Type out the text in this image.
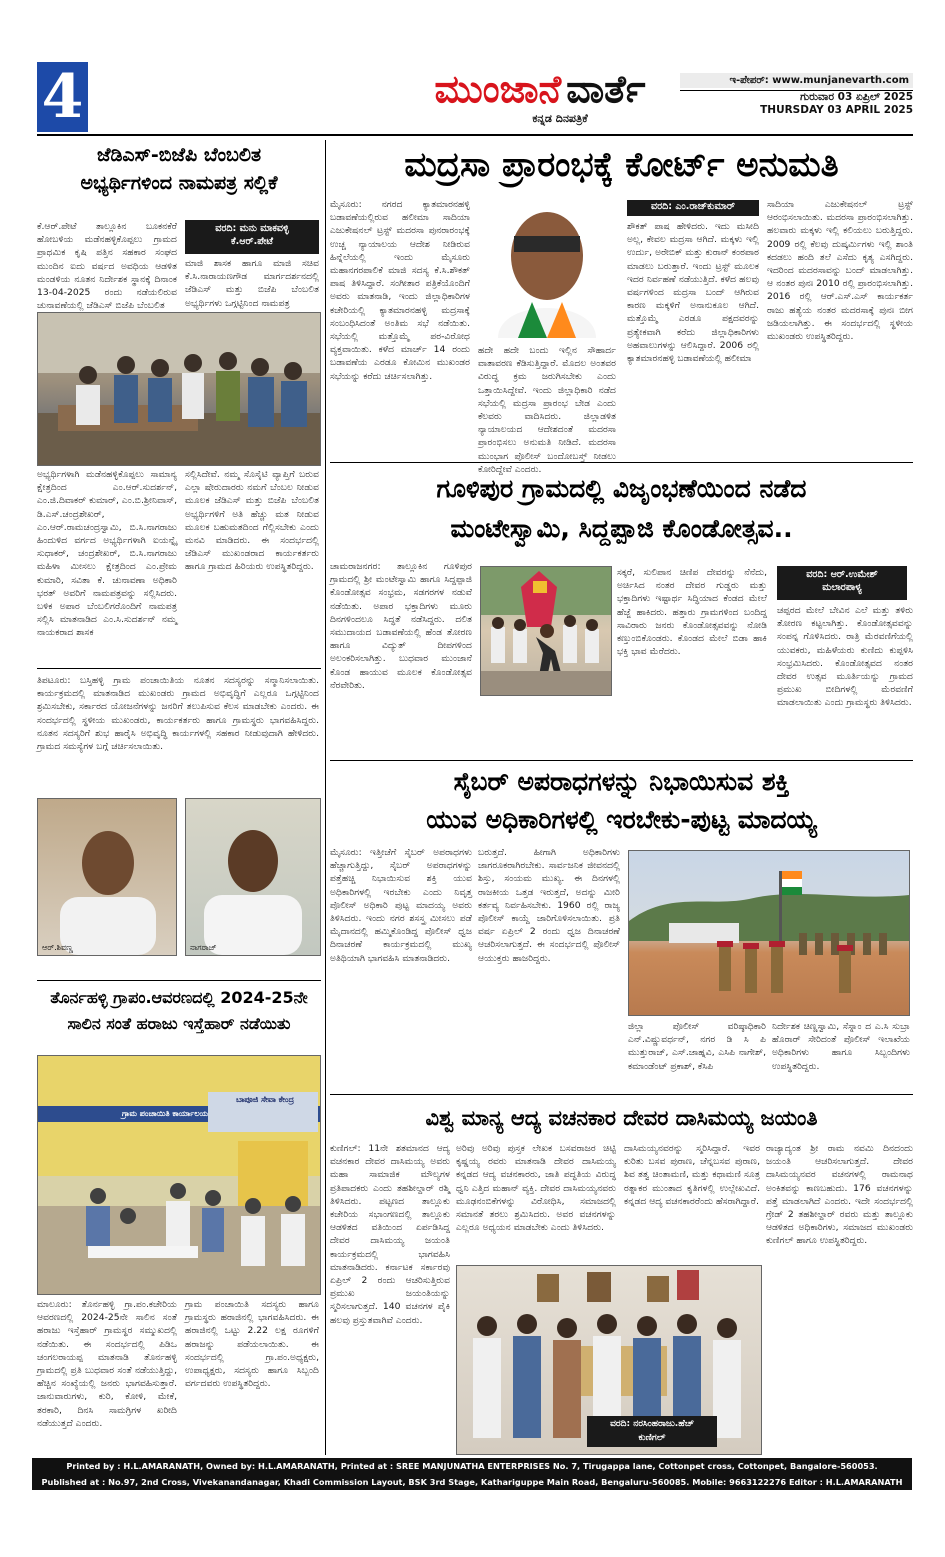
4	ಮುಂಜಾನೆ ವಾರ್ತೆ
ಕನ್ನಡ ದಿನಪತ್ರಿಕೆ
ಇ-ಪೇಪರ್: www.munjanevarth.com
ಗುರುವಾರ 03 ಏಪ್ರಿಲ್ 2025
THURSDAY 03 APRIL 2025
ಜೆಡಿಎಸ್-ಬಿಜೆಪಿ ಬೆಂಬಲಿತ
ಅಭ್ಯರ್ಥಿಗಳಿಂದ ನಾಮಪತ್ರ ಸಲ್ಲಿಕೆ
ಕೆ.ಆರ್.ಪೇಟೆ ತಾಲ್ಲೂಕಿನ ಬೂಕನಕೆರೆ ಹೋಬಳಿಯ ಮಡೆನಹಳ್ಳಿಕೊಪ್ಪಲು ಗ್ರಾಮದ ಪ್ರಾಥಮಿಕ ಕೃಷಿ ಪತ್ತಿನ ಸಹಕಾರ ಸಂಘದ ಮುಂದಿನ ಐದು ವರ್ಷದ ಅವಧಿಯ ಆಡಳಿತ ಮಂಡಳಿಯ ನೂತನ ನಿರ್ದೇಶಕ ಸ್ಥಾನಕ್ಕೆ ದಿನಾಂಕ 13-04-2025 ರಂದು ನಡೆಯಲಿರುವ ಚುನಾವಣೆಯಲ್ಲಿ ಜೆಡಿಎಸ್ ಬಿಜೆಪಿ ಬೆಂಬಲಿತ
ವರದಿ: ಮನು ಮಾಕವಳ್ಳಿ
ಕೆ.ಆರ್.ಪೇಟೆ
ಮಾಜಿ ಶಾಸಕ ಹಾಗೂ ಮಾಜಿ ಸಚಿವ ಕೆ.ಸಿ.ನಾರಾಯಣಗೌಡ ಮಾರ್ಗದರ್ಶನದಲ್ಲಿ ಜೆಡಿಎಸ್ ಮತ್ತು ಬಿಜೆಪಿ ಬೆಂಬಲಿತ ಅಭ್ಯರ್ಥಿಗಳು ಒಗ್ಗಟ್ಟಿನಿಂದ ನಾಮಪತ್ರ
ಅಭ್ಯರ್ಥಿಗಳಾಗಿ ಮಡೆನಹಳ್ಳಿಕೊಪ್ಪಲು ಸಾಮಾನ್ಯ ಕ್ಷೇತ್ರದಿಂದ ಎಂ.ಆರ್.ಸುದರ್ಶನ್, ಎಂ.ಜಿ.ದಿವಾಕರ್ ಕುಮಾರ್, ಎಂ.ಬಿ.ಶ್ರೀನಿವಾಸ್, ಡಿ.ಎಸ್.ಚಂದ್ರಶೇಖರ್, ಎಂ.ಆರ್.ರಾಮಚಂದ್ರಸ್ವಾಮಿ, ಬಿ.ಸಿ.ನಾಗರಾಜು ಹಿಂದುಳಿದ ವರ್ಗದ ಅಭ್ಯರ್ಥಿಗಳಾಗಿ ಐಯನ್ನೈ ಸುಧಾಕರ್, ಚಂದ್ರಶೇಖರ್, ಬಿ.ಸಿ.ನಾಗರಾಜು ಮಹಿಳಾ ಮೀಸಲು ಕ್ಷೇತ್ರದಿಂದ ಎಂ.ಪ್ರೇಮ ಕುಮಾರಿ, ಸವಿತಾ ಕೆ. ಚುನಾವಣಾ ಅಧಿಕಾರಿ ಭರತ್ ಅವರಿಗೆ ನಾಮಪತ್ರವನ್ನು ಸಲ್ಲಿಸಿದರು. ಬಳಿಕ ಅಪಾರ ಬೆಂಬಲಿಗರೊಂದಿಗೆ ನಾಮಪತ್ರ ಸಲ್ಲಿಸಿ ಮಾತನಾಡಿದ ಎಂ.ಸಿ.ಸುದರ್ಶನ್ ನಮ್ಮ ನಾಯಕರಾದ ಶಾಸಕ
ಸಲ್ಲಿಸಿದೇವೆ. ನಮ್ಮ ಸೊಸೈಟಿ ವ್ಯಾಪ್ತಿಗೆ ಬರುವ ಎಲ್ಲಾ ಷೇರುದಾರರು ನಮಗೆ ಬೆಂಬಲ ನೀಡುವ ಮೂಲಕ ಜೆಡಿಎಸ್ ಮತ್ತು ಬಿಜೆಪಿ ಬೆಂಬಲಿತ ಅಭ್ಯರ್ಥಿಗಳಿಗೆ ಅತಿ ಹೆಚ್ಚು ಮತ ನೀಡುವ ಮೂಲಕ ಬಹುಮತದಿಂದ ಗೆಲ್ಲಿಸಬೇಕು ಎಂದು ಮನವಿ ಮಾಡಿದರು. ಈ ಸಂದರ್ಭದಲ್ಲಿ ಜೆಡಿಎಸ್ ಮುಖಂಡರಾದ ಕಾರ್ಯಕರ್ತರು ಹಾಗೂ ಗ್ರಾಮದ ಹಿರಿಯರು ಉಪಸ್ಥಿತರಿದ್ದರು.
ತಿಪಟೂರು: ಬಸ್ತಿಹಳ್ಳಿ ಗ್ರಾಮ ಪಂಚಾಯಿತಿಯ ನೂತನ ಸದಸ್ಯರನ್ನು ಸನ್ಮಾನಿಸಲಾಯಿತು. ಕಾರ್ಯಕ್ರಮದಲ್ಲಿ ಮಾತನಾಡಿದ ಮುಖಂಡರು ಗ್ರಾಮದ ಅಭಿವೃದ್ಧಿಗೆ ಎಲ್ಲರೂ ಒಗ್ಗಟ್ಟಿನಿಂದ ಶ್ರಮಿಸಬೇಕು, ಸರ್ಕಾರದ ಯೋಜನೆಗಳನ್ನು ಜನರಿಗೆ ತಲುಪಿಸುವ ಕೆಲಸ ಮಾಡಬೇಕು ಎಂದರು. ಈ ಸಂದರ್ಭದಲ್ಲಿ ಸ್ಥಳೀಯ ಮುಖಂಡರು, ಕಾರ್ಯಕರ್ತರು ಹಾಗೂ ಗ್ರಾಮಸ್ಥರು ಭಾಗವಹಿಸಿದ್ದರು. ನೂತನ ಸದಸ್ಯರಿಗೆ ಶುಭ ಹಾರೈಸಿ ಅಭಿವೃದ್ಧಿ ಕಾರ್ಯಗಳಲ್ಲಿ ಸಹಕಾರ ನೀಡುವುದಾಗಿ ಹೇಳಿದರು. ಗ್ರಾಮದ ಸಮಸ್ಯೆಗಳ ಬಗ್ಗೆ ಚರ್ಚಿಸಲಾಯಿತು.
ಆರ್.ಶಿವಣ್ಣ	ನಾಗರಾಜ್
ತೊರ್ನಹಳ್ಳಿ ಗ್ರಾಪಂ.ಆವರಣದಲ್ಲಿ 2024-25ನೇ
ಸಾಲಿನ ಸಂತೆ ಹರಾಜು ಇಸ್ತೆಹಾರ್ ನಡೆಯಿತು
ಗ್ರಾಮ ಪಂಚಾಯಿತಿ ಕಾರ್ಯಾಲಯ
ಬಾಪೂಜಿ ಸೇವಾ ಕೇಂದ್ರ
ಮಾಲೂರು: ತೊರ್ನಹಳ್ಳಿ ಗ್ರಾ.ಪಂ.ಕಚೇರಿಯ ಆವರಣದಲ್ಲಿ 2024-25ನೇ ಸಾಲಿನ ಸಂತೆ ಹರಾಜು ಇಸ್ತೆಹಾರ್ ಗ್ರಾಮಸ್ಥರ ಸಮ್ಮುಖದಲ್ಲಿ ನಡೆಯಿತು. ಈ ಸಂದರ್ಭದಲ್ಲಿ ಪಿಡಿಒ ಚಂಗಲರಾಯಪ್ಪ ಮಾತನಾಡಿ ತೊರ್ನಹಳ್ಳಿ ಗ್ರಾಮದಲ್ಲಿ ಪ್ರತಿ ಬುಧವಾರ ಸಂತೆ ನಡೆಯುತ್ತಿದ್ದು, ಹೆಚ್ಚಿನ ಸಂಖ್ಯೆಯಲ್ಲಿ ಜನರು ಭಾಗವಹಿಸುತ್ತಾರೆ. ಜಾನುವಾರುಗಳು, ಕುರಿ, ಕೋಳಿ, ಮೇಕೆ, ತರಕಾರಿ, ದಿನಸಿ ಸಾಮಗ್ರಿಗಳ ಖರೀದಿ ನಡೆಯುತ್ತದೆ ಎಂದರು.
ಗ್ರಾಮ ಪಂಚಾಯಿತಿ ಸದಸ್ಯರು ಹಾಗೂ ಗ್ರಾಮಸ್ಥರು ಹರಾಜಿನಲ್ಲಿ ಭಾಗವಹಿಸಿದರು. ಈ ಹರಾಜಿನಲ್ಲಿ ಒಟ್ಟು 2.22 ಲಕ್ಷ ರೂಗಳಿಗೆ ಹರಾಜನ್ನು ಪಡೆಯಲಾಯಿತು. ಈ ಸಂದರ್ಭದಲ್ಲಿ ಗ್ರಾ.ಪಂ.ಅಧ್ಯಕ್ಷರು, ಉಪಾಧ್ಯಕ್ಷರು, ಸದಸ್ಯರು ಹಾಗೂ ಸಿಬ್ಬಂದಿ ವರ್ಗದವರು ಉಪಸ್ಥಿತರಿದ್ದರು.
ಮದ್ರಸಾ ಪ್ರಾರಂಭಕ್ಕೆ ಕೋರ್ಟ್ ಅನುಮತಿ
ಮೈಸೂರು: ನಗರದ ಕ್ಯಾತಮಾರನಹಳ್ಳಿ ಬಡಾವಣೆಯಲ್ಲಿರುವ ಹಲೀಮಾ ಸಾದಿಯಾ ಎಜುಕೇಷನಲ್ ಟ್ರಸ್ಟ್ ಮದರಸಾ ಪುನರಾರಂಭಕ್ಕೆ ಉಚ್ಚ ನ್ಯಾಯಾಲಯ ಆದೇಶ ನೀಡಿರುವ ಹಿನ್ನೆಲೆಯಲ್ಲಿ ಇಂದು ಮೈಸೂರು ಮಹಾನಗರಪಾಲಿಕೆ ಮಾಜಿ ಸದಸ್ಯ ಕೆ.ಸಿ.ಶೌಕತ್ ಪಾಷ ತಿಳಿಸಿದ್ದಾರೆ. ಸಂಗೀತಾರ ಪತ್ರಿಕೆಯೊಂದಿಗೆ ಅವರು ಮಾತನಾಡಿ, ಇಂದು ಜಿಲ್ಲಾಧಿಕಾರಿಗಳ ಕಚೇರಿಯಲ್ಲಿ ಕ್ಯಾತಮಾರನಹಳ್ಳಿ ಮದ್ರಸಾಕ್ಕೆ ಸಂಬಂಧಿಸಿದಂತೆ ಅಂತಿಮ ಸಭೆ ನಡೆಯಿತು. ಸಭೆಯಲ್ಲಿ ಮತ್ತೊಮ್ಮೆ ಪರ-ವಿರೋಧ ವ್ಯಕ್ತವಾಯಿತು. ಕಳೆದ ಮಾರ್ಚ್ 14 ರಂದು ಬಡಾವಣೆಯ ಎರಡೂ ಕೋಮಿನ ಮುಖಂಡರ ಸಭೆಯನ್ನು ಕರೆದು ಚರ್ಚಿಸಲಾಗಿತ್ತು.
ಹದೇ ಹದೇ ಬಂದು ಇಲ್ಲಿನ ಸೌಹಾರ್ದ ವಾತಾವರಣ ಕೆಡಿಸುತ್ತಿದ್ದಾರೆ. ಮೊದಲ ಅಂತವರ ವಿರುದ್ಧ ಕ್ರಮ ಜರುಗಿಸಬೇಕು ಎಂದು ಒತ್ತಾಯಿಸಿದ್ದೇವೆ. ಇಂದು ಜಿಲ್ಲಾಧಿಕಾರಿ ನಡೆದ ಸಭೆಯಲ್ಲಿ ಮದ್ರಸಾ ಪ್ರಾರಂಭ ಬೇಡ ಎಂದು ಕೆಲವರು ವಾದಿಸಿದರು. ಜಿಲ್ಲಾಡಳಿತ ನ್ಯಾಯಾಲಯದ ಆದೇಶದಂತೆ ಮದರಸಾ ಪ್ರಾರಂಭಿಸಲು ಅನುಮತಿ ನೀಡಿದೆ. ಮದರಸಾ ಮುಂಭಾಗ ಪೊಲೀಸ್ ಬಂದೋಬಸ್ತ್ ನೀಡಲು ಕೋರಿದ್ದೇವೆ ಎಂದರು.
ವರದಿ: ಎಂ.ರಾಜ್‌ಕುಮಾರ್
ಶೌಕತ್ ಪಾಷ ಹೇಳಿದರು. ಇದು ಮಸೀದಿ ಅಲ್ಲ, ಕೇವಲ ಮದ್ರಸಾ ಆಗಿದೆ. ಮಕ್ಕಳು ಇಲ್ಲಿ ಉರ್ದು, ಅರೇಬಿಕ್ ಮತ್ತು ಕುರಾನ್ ಕಂಠಪಾಠ ಮಾಡಲು ಬರುತ್ತಾರೆ. ಇಂದು ಟ್ರಸ್ಟ್ ಮೂಲಕ ಇದರ ನಿರ್ವಹಣೆ ನಡೆಯುತ್ತಿದೆ. ಕಳೆದ ಹಲವು ವರ್ಷಗಳಿಂದ ಮದ್ರಸಾ ಬಂದ್ ಆಗಿರುವ ಕಾರಣ ಮಕ್ಕಳಿಗೆ ಅನಾನುಕೂಲ ಆಗಿದೆ. ಮತ್ತೊಮ್ಮೆ ಎರಡೂ ಪಕ್ಷದವರನ್ನು ಪ್ರತ್ಯೇಕವಾಗಿ ಕರೆದು ಜಿಲ್ಲಾಧಿಕಾರಿಗಳು ಅಹವಾಲುಗಳನ್ನು ಆಲಿಸಿದ್ದಾರೆ. 2006 ರಲ್ಲಿ ಕ್ಯಾತಮಾರನಹಳ್ಳಿ ಬಡಾವಣೆಯಲ್ಲಿ ಹಲೀಮಾ
ಸಾದಿಯಾ ಎಜುಕೇಷನಲ್ ಟ್ರಸ್ಟ್ ಆರಂಭಿಸಲಾಯಿತು. ಮದರಸಾ ಪ್ರಾರಂಭಿಸಲಾಗಿತ್ತು. ಹಲವಾರು ಮಕ್ಕಳು ಇಲ್ಲಿ ಕಲಿಯಲು ಬರುತ್ತಿದ್ದರು. 2009 ರಲ್ಲಿ ಕೆಲವು ದುಷ್ಕರ್ಮಿಗಳು ಇಲ್ಲಿ ಶಾಂತಿ ಕದಡಲು ಹಂದಿ ತಲೆ ಎಸೆದು ಕೃತ್ಯ ಎಸಗಿದ್ದರು. ಇದರಿಂದ ಮದರಸಾವನ್ನು ಬಂದ್ ಮಾಡಲಾಗಿತ್ತು. ಆ ನಂತರ ಪುನಃ 2010 ರಲ್ಲಿ ಪ್ರಾರಂಭಿಸಲಾಗಿತ್ತು. 2016 ರಲ್ಲಿ ಆರ್.ಎಸ್.ಎಸ್ ಕಾರ್ಯಕರ್ತ ರಾಜು ಹತ್ಯೆಯ ನಂತರ ಮದರಸಾಕ್ಕೆ ಪುನಃ ಬೀಗ ಜಡಿಯಲಾಗಿತ್ತು. ಈ ಸಂದರ್ಭದಲ್ಲಿ ಸ್ಥಳೀಯ ಮುಖಂಡರು ಉಪಸ್ಥಿತರಿದ್ದರು.
ಗೂಳಿಪುರ ಗ್ರಾಮದಲ್ಲಿ ವಿಜೃಂಭಣೆಯಿಂದ ನಡೆದ
ಮಂಟೇಸ್ವಾಮಿ, ಸಿದ್ದಪ್ಪಾಜಿ ಕೊಂಡೋತ್ಸವ..
ಚಾಮರಾಜನಗರ: ತಾಲ್ಲೂಕಿನ ಗೂಳಿಪುರ ಗ್ರಾಮದಲ್ಲಿ ಶ್ರೀ ಮಂಟೇಸ್ವಾಮಿ ಹಾಗೂ ಸಿದ್ದಪ್ಪಾಜಿ ಕೊಂಡೋತ್ಸವ ಸಂಭ್ರಮ, ಸಡಗರಗಳ ನಡುವೆ ನಡೆಯಿತು. ಅಪಾರ ಭಕ್ತಾದಿಗಳು ಮೂರು ದಿನಗಳಿಂದಲೂ ಸಿದ್ಧತೆ ನಡೆಸಿದ್ದರು. ದಲಿತ ಸಮುದಾಯದ ಬಡಾವಣೆಯಲ್ಲಿ ಹೆಂಡ ತೋರಣ ಹಾಗೂ ವಿದ್ಯುತ್ ದೀಪಗಳಿಂದ ಅಲಂಕರಿಸಲಾಗಿತ್ತು. ಬುಧವಾರ ಮುಂಜಾನೆ ಕೊಂಡ ಹಾಯುವ ಮೂಲಕ ಕೊಂಡೋತ್ಸವ ನೆರವೇರಿತು.
ಸಕ್ಕರೆ, ಸುಲಿಪಾನ ಚಿಣಿಪ ದೇವರನ್ನು ನೆನೆದು, ಅರ್ಚಿಸಿದ ನಂತರ ದೇವರ ಗುಡ್ಡರು ಮತ್ತು ಭಕ್ತಾದಿಗಳು ಇಷ್ಟಾರ್ಥ ಸಿದ್ಧಿಯಾದ ಕೆಂಡದ ಮೇಲೆ ಹೆಜ್ಜೆ ಹಾಕಿದರು. ಹತ್ತಾರು ಗ್ರಾಮಗಳಿಂದ ಬಂದಿದ್ದ ಸಾವಿರಾರು ಜನರು ಕೊಂಡೋತ್ಸವವನ್ನು ನೋಡಿ ಕಣ್ತುಂಬಿಕೊಂಡರು. ಕೊಂಡದ ಮೇಲೆ ಬಿಡಾ ಹಾಕಿ ಭಕ್ತಿ ಭಾವ ಮೆರೆದರು.
ವರದಿ: ಆರ್.ಉಮೇಶ್
ಮಲಾರಪಾಳ್ಯ
ಚಪ್ಪರದ ಮೇಲೆ ಬೇವಿನ ಎಲೆ ಮತ್ತು ತಳಿರು ತೋರಣ ಕಟ್ಟಲಾಗಿತ್ತು. ಕೊಂಡೋತ್ಸವವನ್ನು ಸಂಪನ್ನ ಗೊಳಿಸಿದರು. ರಾತ್ರಿ ಮೆರವಣಿಗೆಯಲ್ಲಿ ಯುವಕರು, ಮಹಿಳೆಯರು ಕುಣಿದು ಕುಪ್ಪಳಿಸಿ ಸಂಭ್ರಮಿಸಿದರು. ಕೊಂಡೋತ್ಸವದ ನಂತರ ದೇವರ ಉತ್ಸವ ಮೂರ್ತಿಯನ್ನು ಗ್ರಾಮದ ಪ್ರಮುಖ ಬೀದಿಗಳಲ್ಲಿ ಮೆರವಣಿಗೆ ಮಾಡಲಾಯಿತು ಎಂದು ಗ್ರಾಮಸ್ಥರು ತಿಳಿಸಿದರು.
ಸೈಬರ್ ಅಪರಾಧಗಳನ್ನು ನಿಭಾಯಿಸುವ ಶಕ್ತಿ
ಯುವ ಅಧಿಕಾರಿಗಳಲ್ಲಿ ಇರಬೇಕು-ಪುಟ್ಟ ಮಾದಯ್ಯ
ಮೈಸೂರು: ಇತ್ತೀಚೆಗೆ ಸೈಬರ್ ಅಪರಾಧಗಳು ಹೆಚ್ಚಾಗುತ್ತಿದ್ದು, ಸೈಬರ್ ಅಪರಾಧಗಳನ್ನು ಪತ್ತೆಹಚ್ಚಿ ನಿಭಾಯಿಸುವ ಶಕ್ತಿ ಯುವ ಅಧಿಕಾರಿಗಳಲ್ಲಿ ಇರಬೇಕು ಎಂದು ನಿವೃತ್ತ ಪೊಲೀಸ್ ಅಧಿಕಾರಿ ಪುಟ್ಟ ಮಾದಯ್ಯ ಅವರು ತಿಳಿಸಿದರು. ಇಂದು ನಗರ ಶಸಸ್ತ್ರ ಮೀಸಲು ಪಡೆ ಮೈದಾನದಲ್ಲಿ ಹಮ್ಮಿಕೊಂಡಿದ್ದ ಪೊಲೀಸ್ ಧ್ವಜ ದಿನಾಚರಣೆ ಕಾರ್ಯಕ್ರಮದಲ್ಲಿ ಮುಖ್ಯ ಅತಿಥಿಯಾಗಿ ಭಾಗವಹಿಸಿ ಮಾತನಾಡಿದರು.
ಬರುತ್ತದೆ. ಹೀಗಾಗಿ ಅಧಿಕಾರಿಗಳು ಜಾಗರೂಕರಾಗಿರಬೇಕು. ಸಾರ್ವಜನಿಕ ಜೀವನದಲ್ಲಿ ಶಿಸ್ತು, ಸಂಯಮ ಮುಖ್ಯ. ಈ ದಿನಗಳಲ್ಲಿ ರಾಜಕೀಯ ಒತ್ತಡ ಇರುತ್ತದೆ, ಅದನ್ನು ಮೀರಿ ಕರ್ತವ್ಯ ನಿರ್ವಹಿಸಬೇಕು. 1960 ರಲ್ಲಿ ರಾಜ್ಯ ಪೊಲೀಸ್ ಕಾಯ್ದೆ ಜಾರಿಗೊಳಿಸಲಾಯಿತು. ಪ್ರತಿ ವರ್ಷ ಏಪ್ರಿಲ್ 2 ರಂದು ಧ್ವಜ ದಿನಾಚರಣೆ ಆಚರಿಸಲಾಗುತ್ತದೆ. ಈ ಸಂದರ್ಭದಲ್ಲಿ ಪೊಲೀಸ್ ಆಯುಕ್ತರು ಹಾಜರಿದ್ದರು.
ಜಿಲ್ಲಾ ಪೊಲೀಸ್ ವರಿಷ್ಠಾಧಿಕಾರಿ ಎನ್.ವಿಷ್ಣುವರ್ಧನ್, ನಗರ ಡಿ ಸಿ ಪಿ ಮುತ್ತುರಾಜ್, ಎಸ್.ಜಾಹ್ನವಿ, ಎಸಿಪಿ ನಾಗೇಶ್, ಕಮಾಂಡೆಂಟ್ ಪ್ರಕಾಶ್, ಕೆಸಿಪಿ
ನಿರ್ದೇಶಕ ಚಿಣ್ಣಸ್ವಾಮಿ, ಸೆಸ್ನಾಂ ದ ಎ.ಸಿ ಸುಬ್ರಾ ಹೊರಾರ್ ಸೇರಿದಂತೆ ಪೊಲೀಸ್ ಇಲಾಖೆಯ ಅಧಿಕಾರಿಗಳು ಹಾಗೂ ಸಿಬ್ಬಂದಿಗಳು ಉಪಸ್ಥಿತರಿದ್ದರು.
ವಿಶ್ವ ಮಾನ್ಯ ಆದ್ಯ ವಚನಕಾರ ದೇವರ ದಾಸಿಮಯ್ಯ ಜಯಂತಿ
ಕುಣಿಗಲ್: 11ನೇ ಶತಮಾನದ ಆದ್ಯ ವಚನಕಾರ ದೇವರ ದಾಸಿಮಯ್ಯ ಅವರು ಮಹಾ ಸಾಮಾಜಿಕ ಮೌಲ್ಯಗಳ ಪ್ರತಿಪಾದಕರು ಎಂದು ತಹಶೀಲ್ದಾರ್ ರಶ್ಮಿ ತಿಳಿಸಿದರು. ಪಟ್ಟಣದ ತಾಲ್ಲೂಕು ಕಚೇರಿಯ ಸಭಾಂಗಣದಲ್ಲಿ ತಾಲ್ಲೂಕು ಆಡಳಿತದ ವತಿಯಿಂದ ಏರ್ಪಡಿಸಿದ್ದ ದೇವರ ದಾಸಿಮಯ್ಯ ಜಯಂತಿ ಕಾರ್ಯಕ್ರಮದಲ್ಲಿ ಭಾಗವಹಿಸಿ ಮಾತನಾಡಿದರು. ಕರ್ನಾಟಕ ಸರ್ಕಾರವು ಏಪ್ರಿಲ್ 2 ರಂದು ಆಚರಿಸುತ್ತಿರುವ ಪ್ರಮುಖ ಜಯಂತಿಯನ್ನು ಸ್ಮರಿಸಲಾಗುತ್ತದೆ. 140 ವಚನಗಳ ಪೈಕಿ ಹಲವು ಪ್ರಸ್ತುತವಾಗಿವೆ ಎಂದರು.
ಅರಿವು ಅರಿವು ಪುಸ್ತಕ ಲೇಖಕ ಬಸವರಾಜರ ಚಿಟ್ಟಿ ಕೃಷ್ಣಯ್ಯ ರವರು ಮಾತನಾಡಿ ದೇವರ ದಾಸಿಮಯ್ಯ ಕನ್ನಡದ ಆದ್ಯ ವಚನಕಾರರು, ಜಾತಿ ಪದ್ಧತಿಯ ವಿರುದ್ಧ ಧ್ವನಿ ಎತ್ತಿದ ಮಹಾನ್ ವ್ಯಕ್ತಿ. ದೇವರ ದಾಸಿಮಯ್ಯನವರು ಮೂಢನಂಬಿಕೆಗಳನ್ನು ವಿರೋಧಿಸಿ, ಸಮಾಜದಲ್ಲಿ ಸಮಾನತೆ ತರಲು ಶ್ರಮಿಸಿದರು. ಅವರ ವಚನಗಳನ್ನು ಎಲ್ಲರೂ ಅಧ್ಯಯನ ಮಾಡಬೇಕು ಎಂದು ತಿಳಿಸಿದರು.
ದಾಸಿಮಯ್ಯನವರನ್ನು ಸ್ಮರಿಸಿದ್ದಾರೆ. ಇವರ ಕುರಿತು ಬಸವ ಪುರಾಣ, ಚೆನ್ನಬಸವ ಪುರಾಣ, ಶಿವ ತತ್ವ ಚಿಂತಾಮಣಿ, ಮತ್ತು ಕಥಾಮಣಿ ಸೂತ್ರ ರತ್ನಾಕರ ಮುಂತಾದ ಕೃತಿಗಳಲ್ಲಿ ಉಲ್ಲೇಖವಿದೆ. ಕನ್ನಡದ ಆದ್ಯ ವಚನಕಾರರೆಂದು ಹೆಸರಾಗಿದ್ದಾರೆ.
ವರದಿ: ನರಸಿಂಹರಾಜು.ಹೆಚ್
ಕುಣಿಗಲ್
ರಾಜ್ಯಾದ್ಯಂತ ಶ್ರೀ ರಾಮ ನವಮಿ ದಿನದಂದು ಜಯಂತಿ ಆಚರಿಸಲಾಗುತ್ತದೆ. ದೇವರ ದಾಸಿಮಯ್ಯನವರ ವಚನಗಳಲ್ಲಿ ರಾಮನಾಥ ಅಂಕಿತವನ್ನು ಕಾಣಬಹುದು. 176 ವಚನಗಳನ್ನು ಪತ್ತೆ ಮಾಡಲಾಗಿದೆ ಎಂದರು. ಇದೇ ಸಂದರ್ಭದಲ್ಲಿ ಗ್ರೇಡ್ 2 ತಹಶೀಲ್ದಾರ್ ರವರು ಮತ್ತು ತಾಲ್ಲೂಕು ಆಡಳಿತದ ಅಧಿಕಾರಿಗಳು, ಸಮಾಜದ ಮುಖಂಡರು ಕುಣಿಗಲ್ ಹಾಗೂ ಉಪಸ್ಥಿತರಿದ್ದರು.
Printed by : H.L.AMARANATH, Owned by: H.L.AMARANATH, Printed at : SREE MANJUNATHA ENTERPRISES No. 7, Tirugappa lane, Cottonpet cross, Cottonpet, Bangalore-560053.
Published at : No.97, 2nd Cross, Vivekanandanagar, Khadi Commission Layout, BSK 3rd Stage, Kathariguppe Main Road, Bengaluru-560085. Mobile: 9663122276 Editor : H.L.AMARANATH
